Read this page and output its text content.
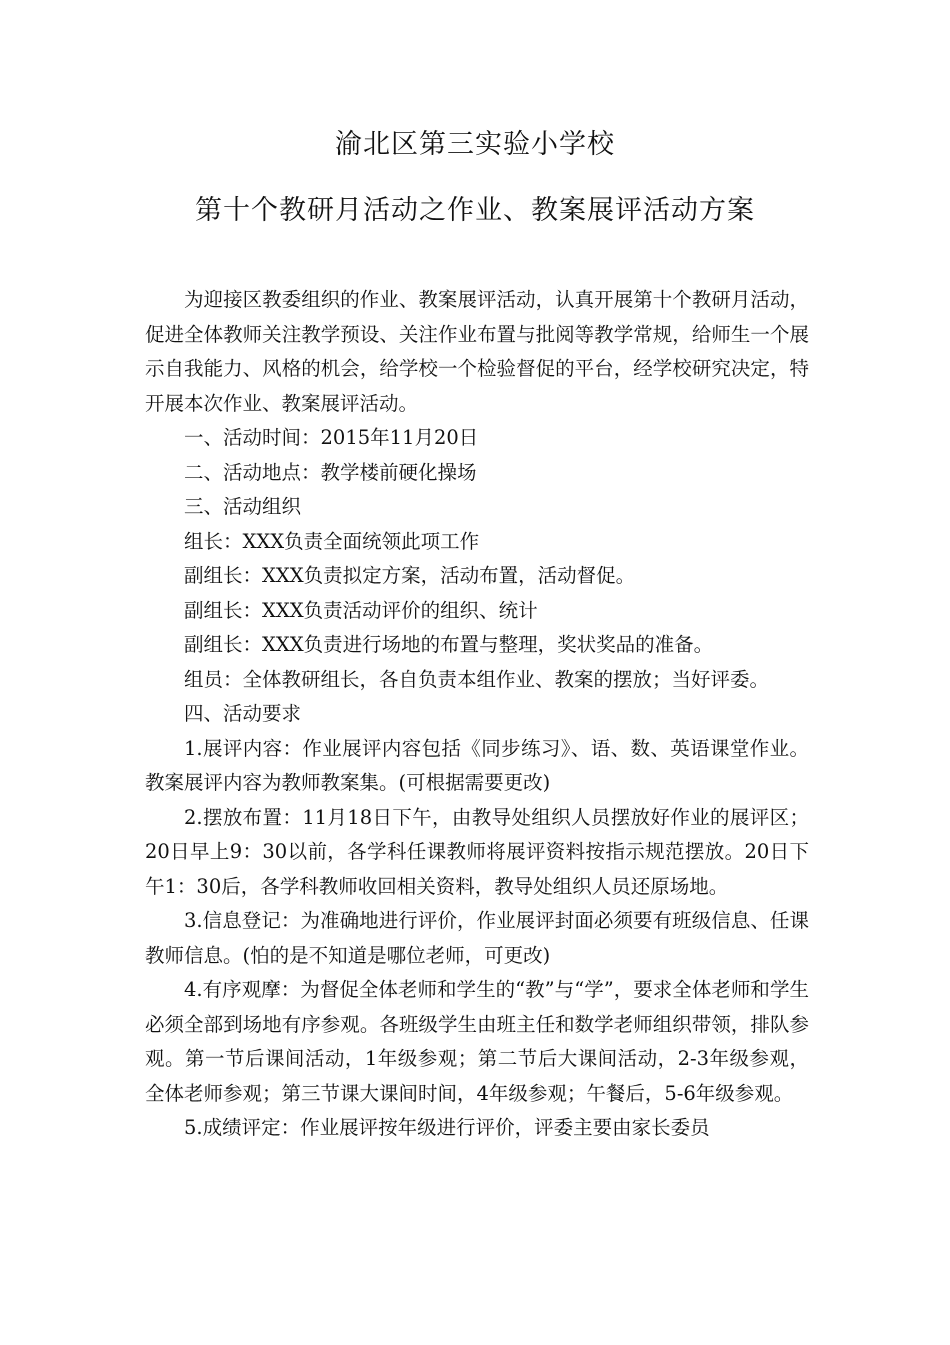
渝北区第三实验小学校
第十个教研月活动之作业、教案展评活动方案

为迎接区教委组织的作业、教案展评活动，认真开展第十个教研月活动，促进全体教师关注教学预设、关注作业布置与批阅等教学常规，给师生一个展示自我能力、风格的机会，给学校一个检验督促的平台，经学校研究决定，特开展本次作业、教案展评活动。

一、活动时间：2015年11月20日

二、活动地点：教学楼前硬化操场

三、活动组织

组长：XXX负责全面统领此项工作

副组长：XXX负责拟定方案，活动布置，活动督促。

副组长：XXX负责活动评价的组织、统计

副组长：XXX负责进行场地的布置与整理，奖状奖品的准备。

组员：全体教研组长，各自负责本组作业、教案的摆放；当好评委。

四、活动要求

1.展评内容：作业展评内容包括《同步练习》、语、数、英语课堂作业。教案展评内容为教师教案集。(可根据需要更改)

2.摆放布置：11月18日下午，由教导处组织人员摆放好作业的展评区；20日早上9：30以前，各学科任课教师将展评资料按指示规范摆放。20日下午1：30后，各学科教师收回相关资料，教导处组织人员还原场地。

3.信息登记：为准确地进行评价，作业展评封面必须要有班级信息、任课教师信息。(怕的是不知道是哪位老师，可更改)

4.有序观摩：为督促全体老师和学生的“教”与“学”，要求全体老师和学生必须全部到场地有序参观。各班级学生由班主任和数学老师组织带领，排队参观。第一节后课间活动，1年级参观；第二节后大课间活动，2-3年级参观，全体老师参观；第三节课大课间时间，4年级参观；午餐后，5-6年级参观。

5.成绩评定：作业展评按年级进行评价，评委主要由家长委员
